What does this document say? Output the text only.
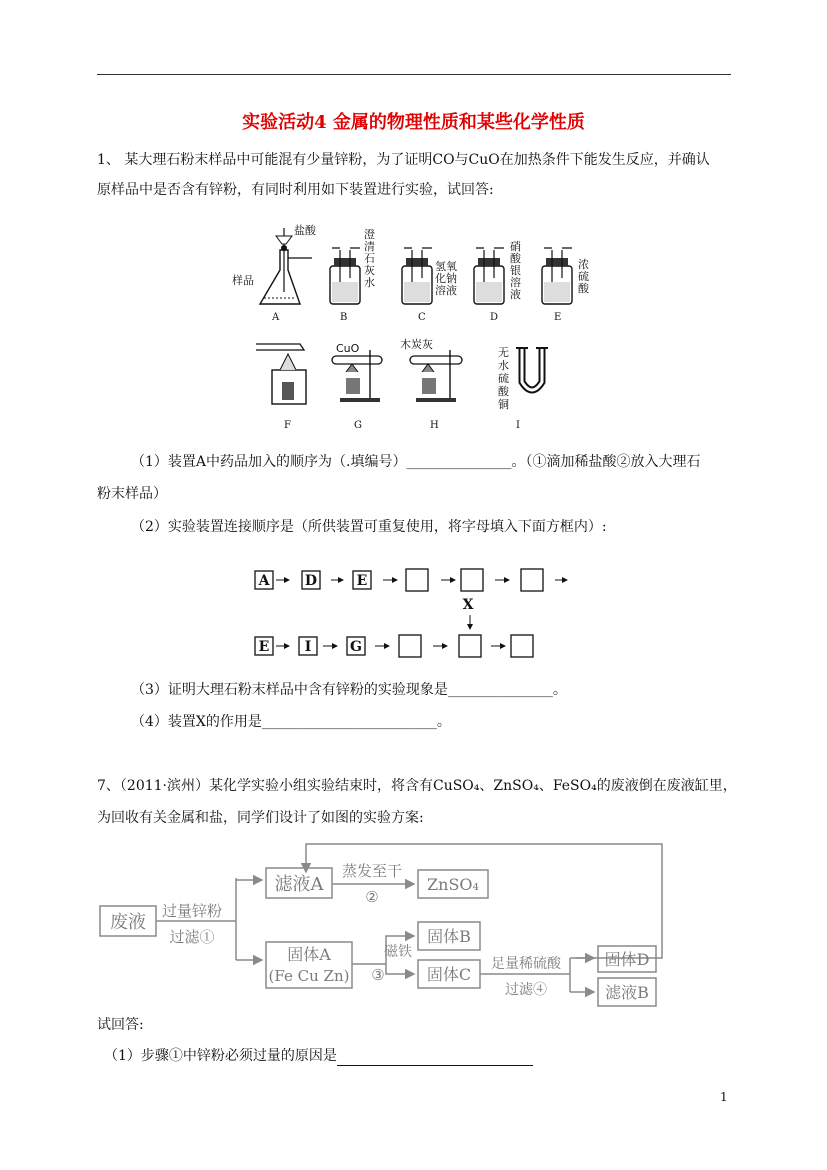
实验活动4 金属的物理性质和某些化学性质
1、 某大理石粉末样品中可能混有少量锌粉，为了证明CO与CuO在加热条件下能发生反应，并确认
原样品中是否含有锌粉，有同时利用如下装置进行实验，试回答:
盐酸
样品
A
澄清石灰水
B
氢氧化钠溶液
C
硝酸银溶液
D
浓硫酸
E
F
CuO
G
木炭灰
H
无水硫酸铜
I
（1）装置A中药品加入的顺序为（.填编号）_______________。（①滴加稀盐酸②放入大理石
粉末样品）
（2）实验装置连接顺序是（所供装置可重复使用，将字母填入下面方框内）:
A	D	E
X
E	I	G
（3）证明大理石粉末样品中含有锌粉的实验现象是_______________。
（4）装置X的作用是_________________________。
7、（2011·滨州）某化学实验小组实验结束时，将含有CuSO₄、ZnSO₄、FeSO₄的废液倒在废液缸里，
为回收有关金属和盐，同学们设计了如图的实验方案:
废液
过量锌粉
过滤①
滤液A
蒸发至干
②
ZnSO₄
固体A
(Fe Cu Zn)
磁铁
③
固体B
固体C
足量稀硫酸
过滤④
固体D
滤液B
试回答:
（1）步骤①中锌粉必须过量的原因是
1
